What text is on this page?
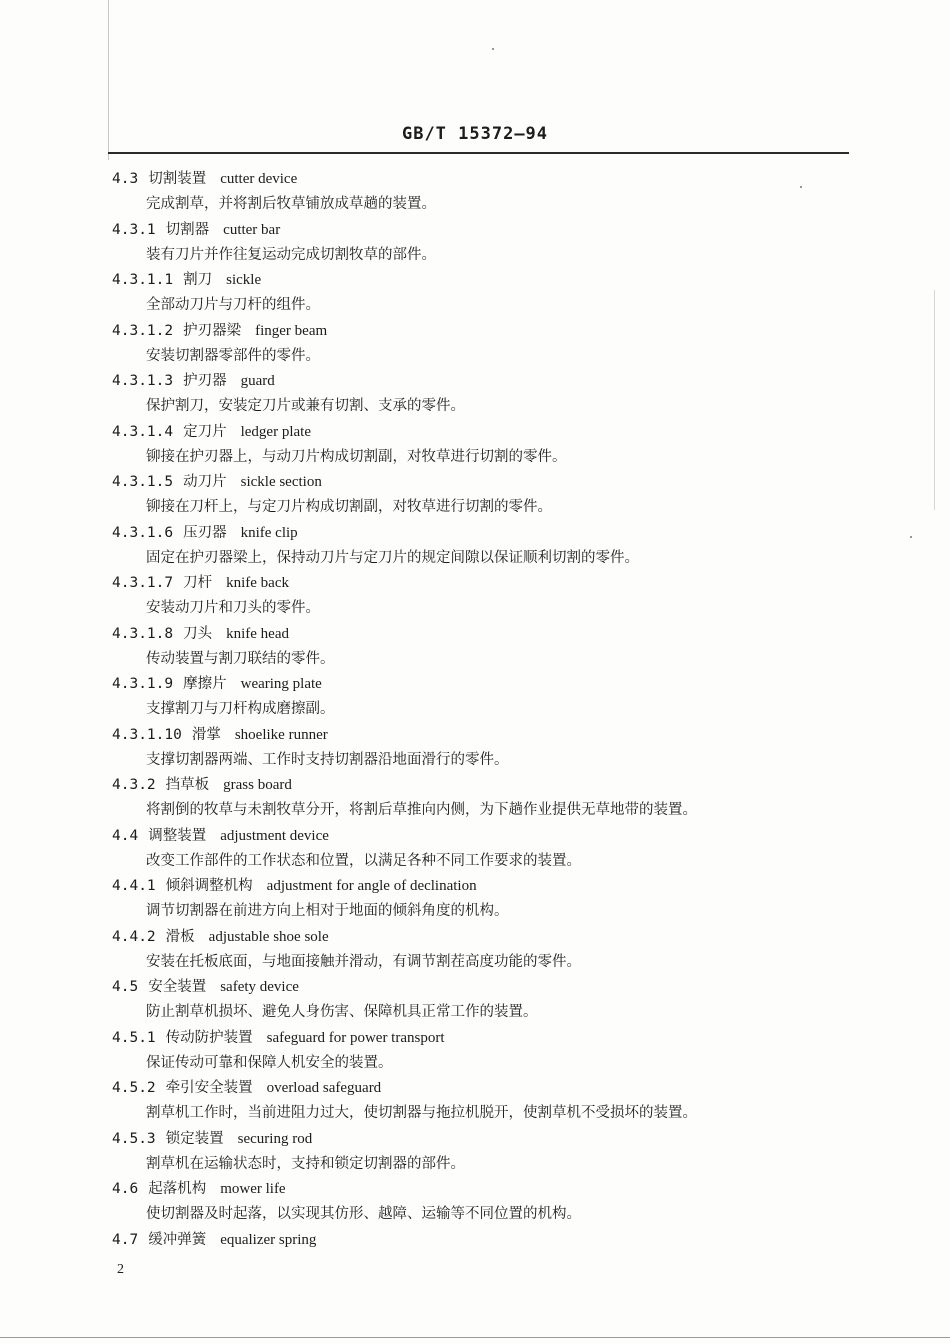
GB/T 15372—94
4.3 切割装置 cutter device
完成割草，并将割后牧草铺放成草趟的装置。
4.3.1 切割器 cutter bar
装有刀片并作往复运动完成切割牧草的部件。
4.3.1.1 割刀 sickle
全部动刀片与刀杆的组件。
4.3.1.2 护刃器梁 finger beam
安装切割器零部件的零件。
4.3.1.3 护刃器 guard
保护割刀，安装定刀片或兼有切割、支承的零件。
4.3.1.4 定刀片 ledger plate
铆接在护刃器上，与动刀片构成切割副，对牧草进行切割的零件。
4.3.1.5 动刀片 sickle section
铆接在刀杆上，与定刀片构成切割副，对牧草进行切割的零件。
4.3.1.6 压刃器 knife clip
固定在护刃器梁上，保持动刀片与定刀片的规定间隙以保证顺利切割的零件。
4.3.1.7 刀杆 knife back
安装动刀片和刀头的零件。
4.3.1.8 刀头 knife head
传动装置与割刀联结的零件。
4.3.1.9 摩擦片 wearing plate
支撑割刀与刀杆构成磨擦副。
4.3.1.10 滑掌 shoelike runner
支撑切割器两端、工作时支持切割器沿地面滑行的零件。
4.3.2 挡草板 grass board
将割倒的牧草与未割牧草分开，将割后草推向内侧，为下趟作业提供无草地带的装置。
4.4 调整装置 adjustment device
改变工作部件的工作状态和位置，以满足各种不同工作要求的装置。
4.4.1 倾斜调整机构 adjustment for angle of declination
调节切割器在前进方向上相对于地面的倾斜角度的机构。
4.4.2 滑板 adjustable shoe sole
安装在托板底面，与地面接触并滑动，有调节割茬高度功能的零件。
4.5 安全装置 safety device
防止割草机损坏、避免人身伤害、保障机具正常工作的装置。
4.5.1 传动防护装置 safeguard for power transport
保证传动可靠和保障人机安全的装置。
4.5.2 牵引安全装置 overload safeguard
割草机工作时，当前进阻力过大，使切割器与拖拉机脱开，使割草机不受损坏的装置。
4.5.3 锁定装置 securing rod
割草机在运输状态时，支持和锁定切割器的部件。
4.6 起落机构 mower life
使切割器及时起落，以实现其仿形、越障、运输等不同位置的机构。
4.7 缓冲弹簧 equalizer spring
2
